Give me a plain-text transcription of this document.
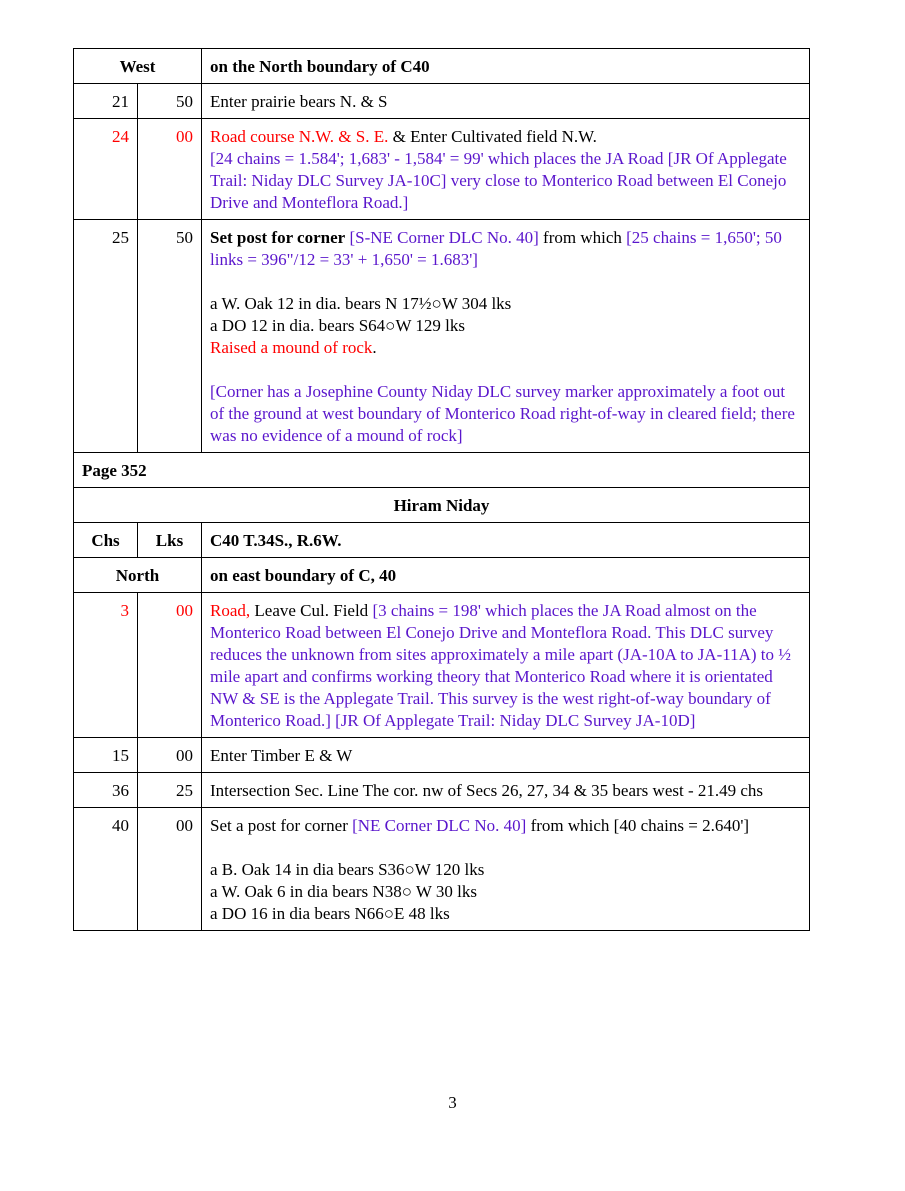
West		on the North boundary of C40
21	50	Enter prairie bears N. & S
24	00	Road course N.W. & S. E. & Enter Cultivated field N.W.
[24 chains = 1.584'; 1,683' - 1,584' = 99' which places the JA Road [JR Of Applegate Trail: Niday DLC Survey JA-10C] very close to Monterico Road between El Conejo Drive and Monteflora Road.]

25	50	Set post for corner [S-NE Corner DLC No. 40] from which [25 chains = 1,650'; 50 links = 396"/12 = 33' + 1,650' = 1.683']
a W. Oak 12 in dia. bears N 17½○W 304 lks
a DO 12 in dia. bears S64○W 129 lks
Raised a mound of rock.
[Corner has a Josephine County Niday DLC survey marker approximately a foot out of the ground at west boundary of Monterico Road right-of-way in cleared field; there was no evidence of a mound of rock]

Page 352		
Hiram Niday		
Chs	Lks	C40 T.34S., R.6W.
North		on east boundary of C, 40
3	00	Road, Leave Cul. Field [3 chains = 198' which places the JA Road almost on the Monterico Road between El Conejo Drive and Monteflora Road. This DLC survey reduces the unknown from sites approximately a mile apart (JA-10A to JA-11A) to ½ mile apart and confirms working theory that Monterico Road where it is orientated NW & SE is the Applegate Trail. This survey is the west right-of-way boundary of Monterico Road.] [JR Of Applegate Trail: Niday DLC Survey JA-10D]
15	00	Enter Timber E & W
36	25	Intersection Sec. Line The cor. nw of Secs 26, 27, 34 & 35 bears west - 21.49 chs
40	00	Set a post for corner [NE Corner DLC No. 40] from which [40 chains = 2.640']
a B. Oak 14 in dia bears S36○W 120 lks
a W. Oak 6 in dia bears N38○ W 30 lks
a DO 16 in dia bears N66○E 48 lks
3
